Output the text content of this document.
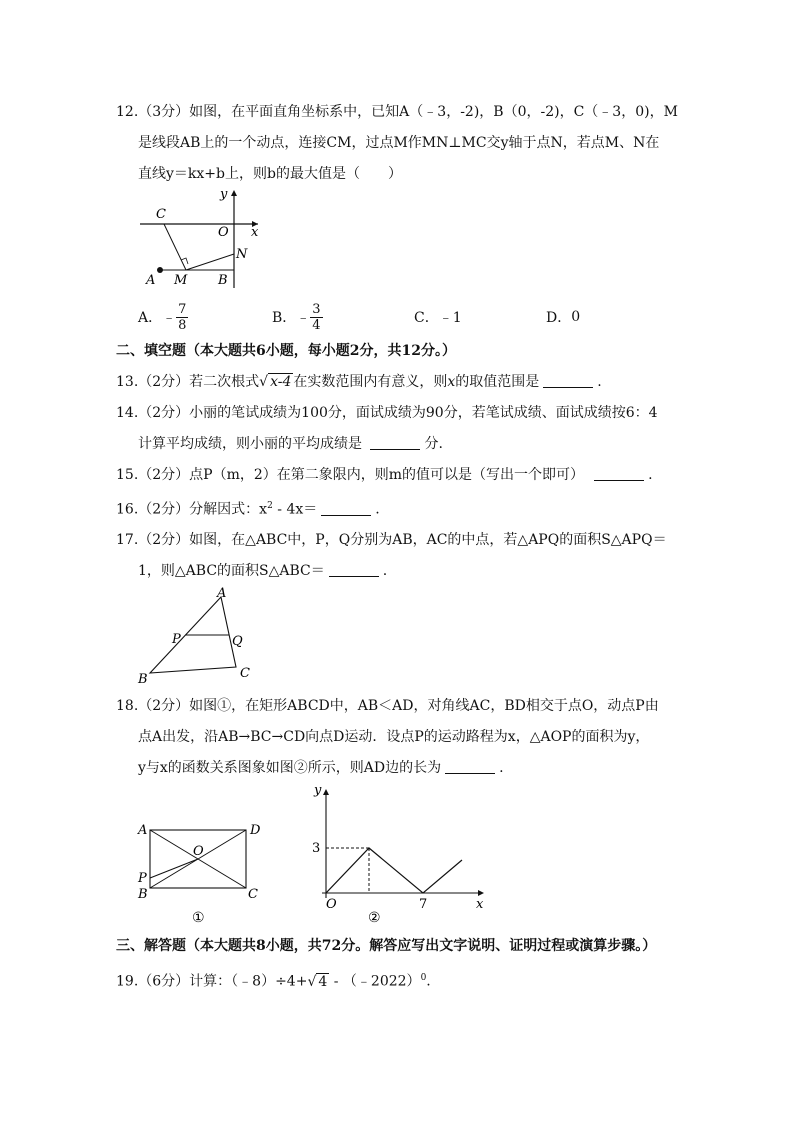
12.（3分）如图，在平面直角坐标系中，已知A（﹣3，-2)，B（0，-2)，C（﹣3，0)，M
是线段AB上的一个动点，连接CM，过点M作MN⊥MC交y轴于点N，若点M、N在
直线y＝kx+b上，则b的最大值是（　　）
C
y
O x
N
A M B
A． ﹣ $\frac{7}{8}$	B． ﹣ $\frac{3}{4}$	C． ﹣1	D． 0
二、填空题（本大题共6小题，每小题2分，共12分。）
13.（2分）若二次根式√ x-4 在实数范围内有意义，则x的取值范围是	.
14.（2分）小丽的笔试成绩为100分，面试成绩为90分，若笔试成绩、面试成绩按6：4
计算平均成绩，则小丽的平均成绩是	分.
15.（2分）点P（m，2）在第二象限内，则m的值可以是（写出一个即可）	.
16.（2分）分解因式：$x^2 - 4x=$	.
17.（2分）如图，在△ABC中，P，Q分别为AB，AC的中点，若△APQ的面积S△APQ＝
1，则△ABC的面积S△ABC＝	.
A
P	Q
B	C
18.（2分）如图①，在矩形ABCD中，AB＜AD，对角线AC，BD相交于点O，动点P由
点A出发，沿AB→BC→CD向点D运动．设点P的运动路程为x，△AOP的面积为y，
y与x的函数关系图象如图②所示，则AD边的长为	.
A	D
O
P
B	C
①
y
3
O	7	x
②
三、解答题（本大题共8小题，共72分。解答应写出文字说明、证明过程或演算步骤。）
19.（6分）计算：（﹣8）÷4+√ 4 - （﹣2022）$^0$.
